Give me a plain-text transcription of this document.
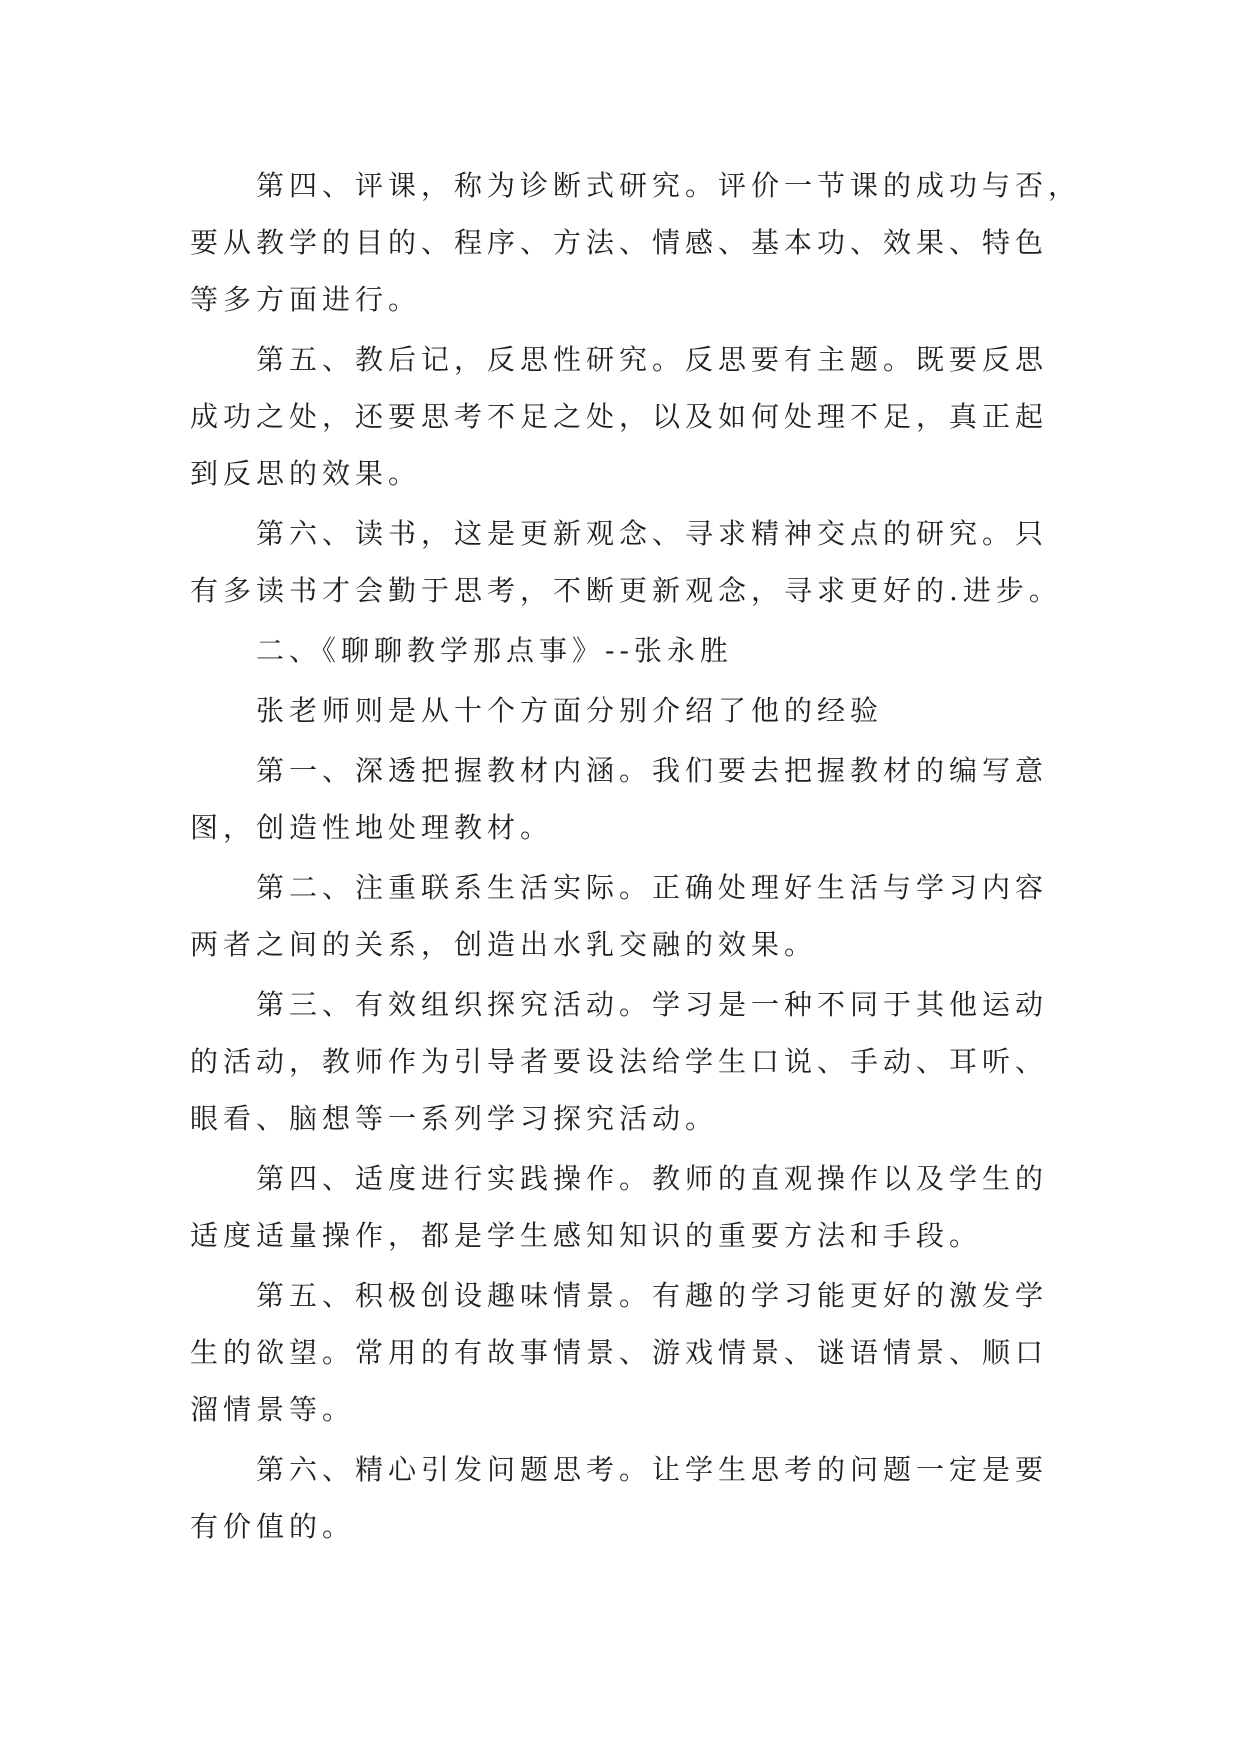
第四、评课，称为诊断式研究。评价一节课的成功与否，
要从教学的目的、程序、方法、情感、基本功、效果、特色
等多方面进行。
第五、教后记，反思性研究。反思要有主题。既要反思
成功之处，还要思考不足之处，以及如何处理不足，真正起
到反思的效果。
第六、读书，这是更新观念、寻求精神交点的研究。只
有多读书才会勤于思考，不断更新观念，寻求更好的.进步。
二、《聊聊教学那点事》--张永胜
张老师则是从十个方面分别介绍了他的经验
第一、深透把握教材内涵。我们要去把握教材的编写意
图，创造性地处理教材。
第二、注重联系生活实际。正确处理好生活与学习内容
两者之间的关系，创造出水乳交融的效果。
第三、有效组织探究活动。学习是一种不同于其他运动
的活动，教师作为引导者要设法给学生口说、手动、耳听、
眼看、脑想等一系列学习探究活动。
第四、适度进行实践操作。教师的直观操作以及学生的
适度适量操作，都是学生感知知识的重要方法和手段。
第五、积极创设趣味情景。有趣的学习能更好的激发学
生的欲望。常用的有故事情景、游戏情景、谜语情景、顺口
溜情景等。
第六、精心引发问题思考。让学生思考的问题一定是要
有价值的。
